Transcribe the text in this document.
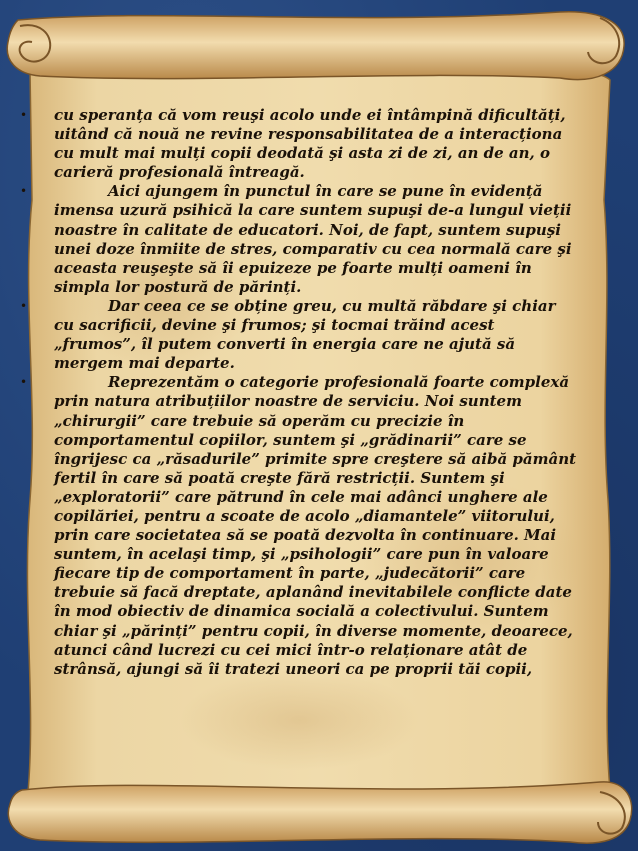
• cu speranța că vom reuşi acolo unde ei întâmpină dificultăți, uitând că nouă ne revine responsabilitatea de a interacționa cu mult mai mulți copii deodată şi asta zi de zi, an de an, o carieră profesională întreagă.

•	Aici ajungem în punctul în care se pune în evidență imensa uzură psihică la care suntem supuşi de-a lungul vieții noastre în calitate de educatori. Noi, de fapt, suntem supuşi unei doze înmiite de stres, comparativ cu cea normală care şi aceasta reuşeşte să îi epuizeze pe foarte mulți oameni în simpla lor postură de părinți.

•	Dar ceea ce se obține greu, cu multă răbdare şi chiar cu sacrificii, devine şi frumos; şi tocmai trăind acest „frumos”, îl putem converti în energia care ne ajută să mergem mai departe.

•	Reprezentăm o categorie profesională foarte complexă prin natura atribuțiilor noastre de serviciu. Noi suntem „chirurgii” care trebuie să operăm cu precizie în comportamentul copiilor, suntem şi „grădinarii” care se îngrijesc ca „răsadurile” primite spre creştere să aibă pământ fertil în care să poată creşte fără restricții. Suntem şi „exploratorii” care pătrund în cele mai adânci unghere ale copilăriei, pentru a scoate de acolo „diamantele” viitorului, prin care societatea să se poată dezvolta în continuare. Mai suntem, în acelaşi timp, şi „psihologii” care pun în valoare fiecare tip de comportament în parte, „judecătorii” care trebuie să facă dreptate, aplanând inevitabilele conflicte date în mod obiectiv de dinamica socială a colectivului. Suntem chiar şi „părinți” pentru copii, în diverse momente, deoarece, atunci când lucrezi cu cei mici într-o relaționare atât de strânsă, ajungi să îi tratezi uneori ca pe proprii tăi copii,
